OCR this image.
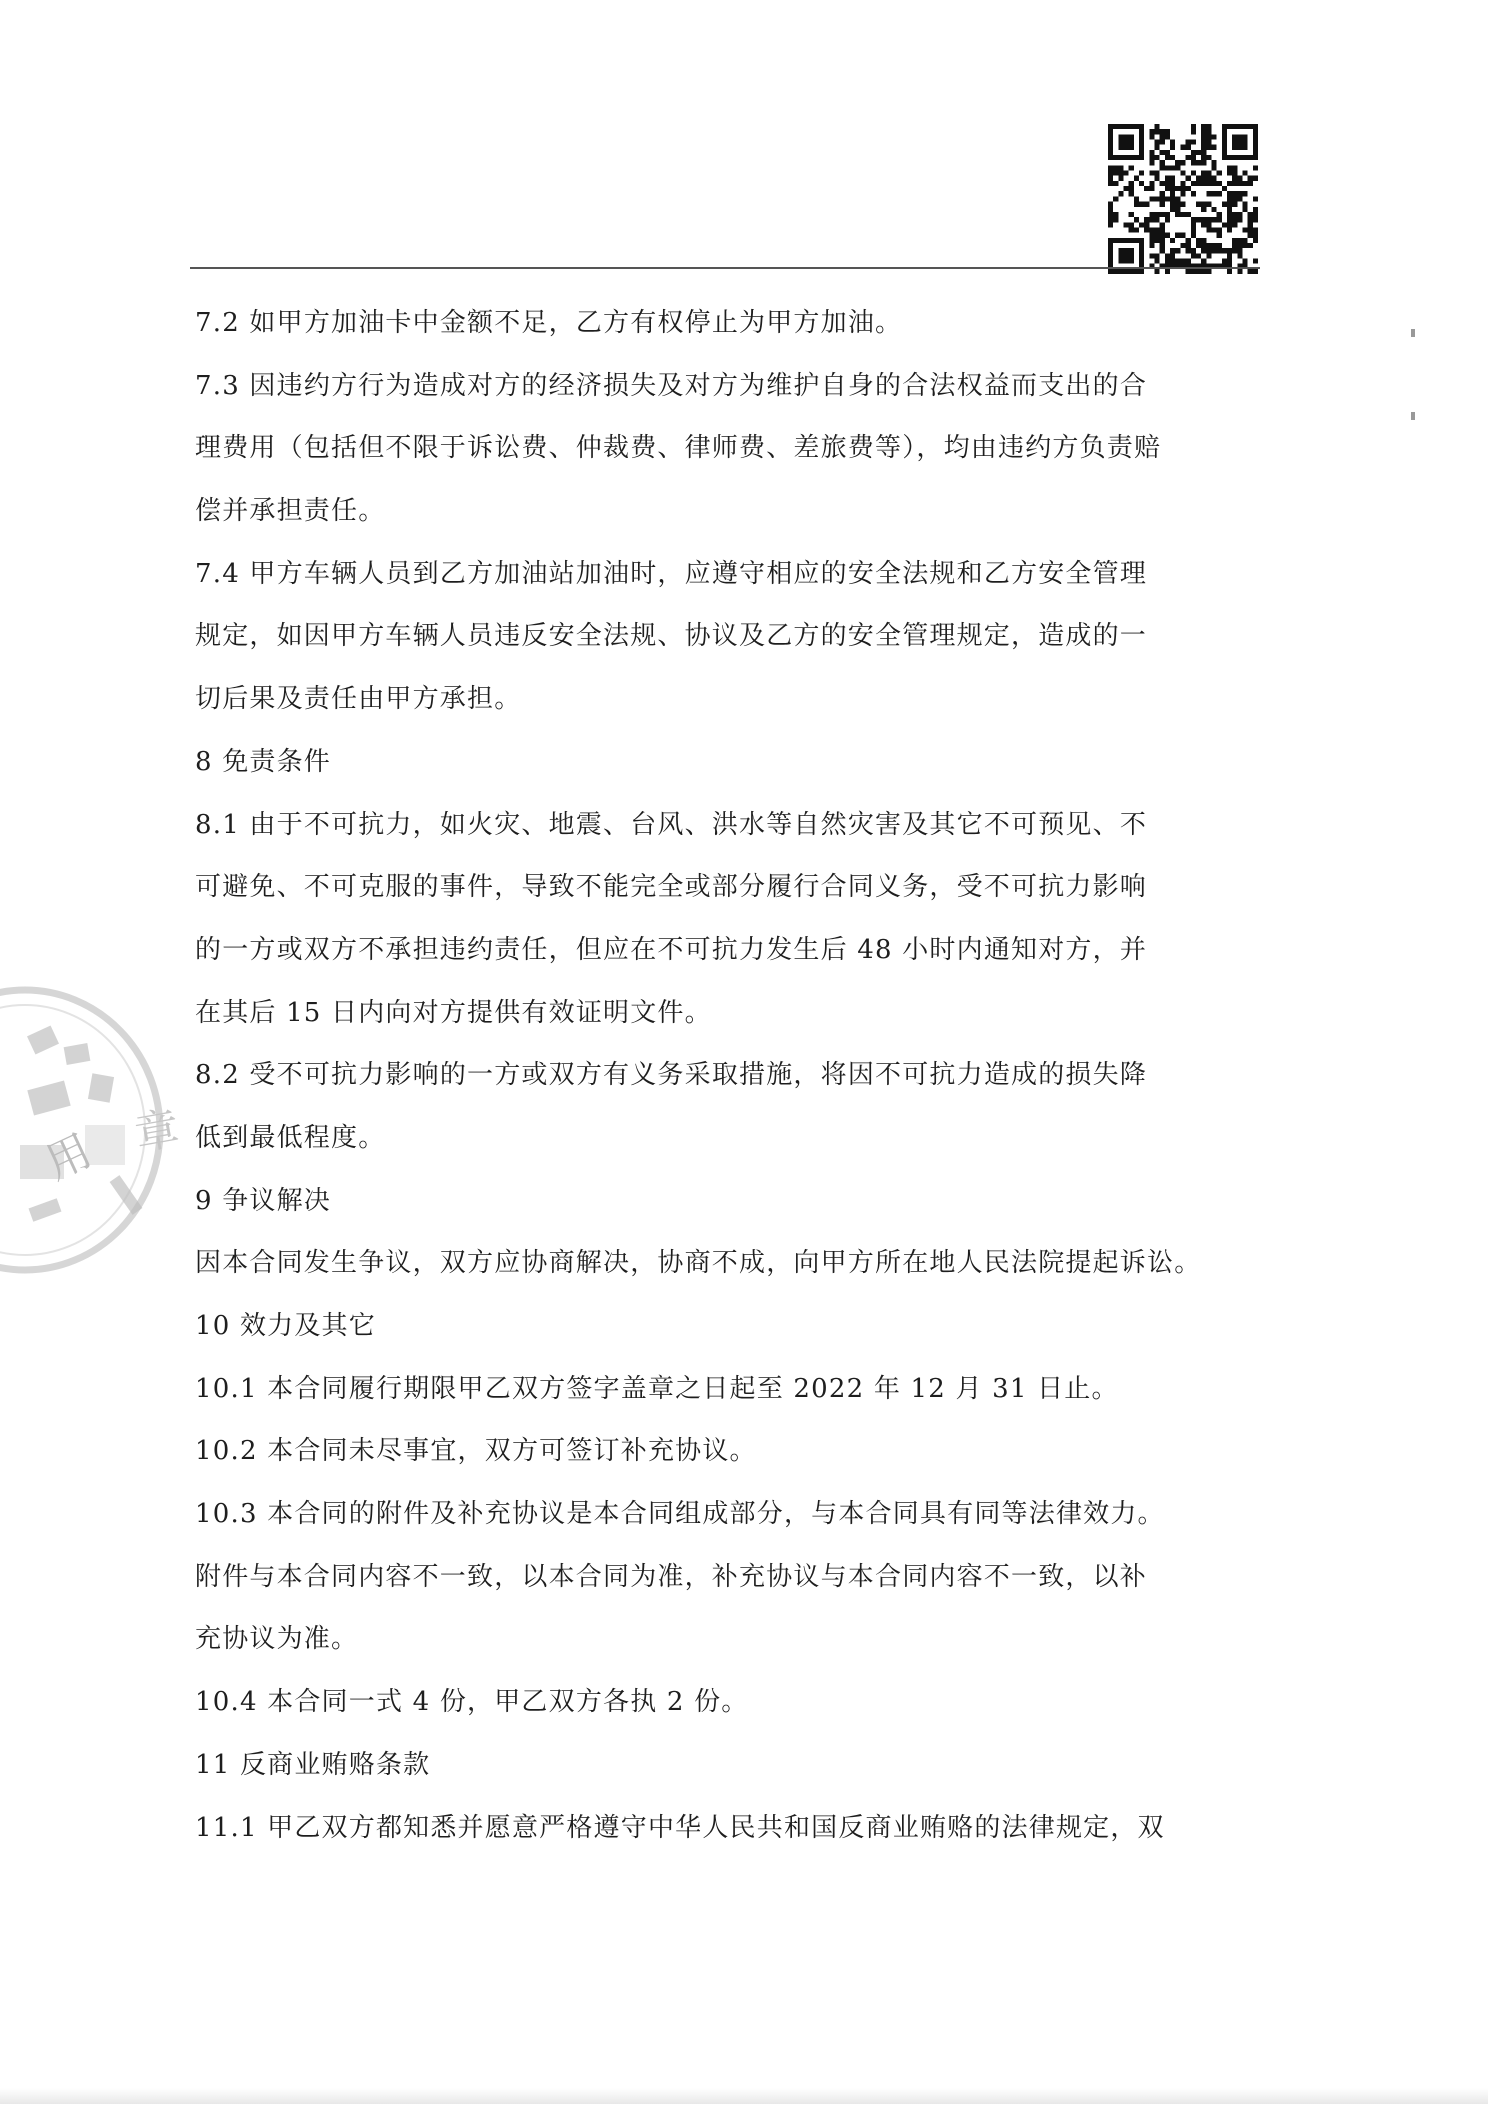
7.2 如甲方加油卡中金额不足，乙方有权停止为甲方加油。
7.3 因违约方行为造成对方的经济损失及对方为维护自身的合法权益而支出的合
理费用（包括但不限于诉讼费、仲裁费、律师费、差旅费等），均由违约方负责赔
偿并承担责任。
7.4 甲方车辆人员到乙方加油站加油时，应遵守相应的安全法规和乙方安全管理
规定，如因甲方车辆人员违反安全法规、协议及乙方的安全管理规定，造成的一
切后果及责任由甲方承担。
8 免责条件
8.1 由于不可抗力，如火灾、地震、台风、洪水等自然灾害及其它不可预见、不
可避免、不可克服的事件，导致不能完全或部分履行合同义务，受不可抗力影响
的一方或双方不承担违约责任，但应在不可抗力发生后 48 小时内通知对方，并
在其后 15 日内向对方提供有效证明文件。
8.2 受不可抗力影响的一方或双方有义务采取措施，将因不可抗力造成的损失降
低到最低程度。
9 争议解决
因本合同发生争议，双方应协商解决，协商不成，向甲方所在地人民法院提起诉讼。
10 效力及其它
10.1 本合同履行期限甲乙双方签字盖章之日起至 2022 年 12 月 31 日止。
10.2 本合同未尽事宜，双方可签订补充协议。
10.3 本合同的附件及补充协议是本合同组成部分，与本合同具有同等法律效力。
附件与本合同内容不一致，以本合同为准，补充协议与本合同内容不一致，以补
充协议为准。
10.4 本合同一式 4 份，甲乙双方各执 2 份。
11 反商业贿赂条款
11.1 甲乙双方都知悉并愿意严格遵守中华人民共和国反商业贿赂的法律规定，双
用 章
